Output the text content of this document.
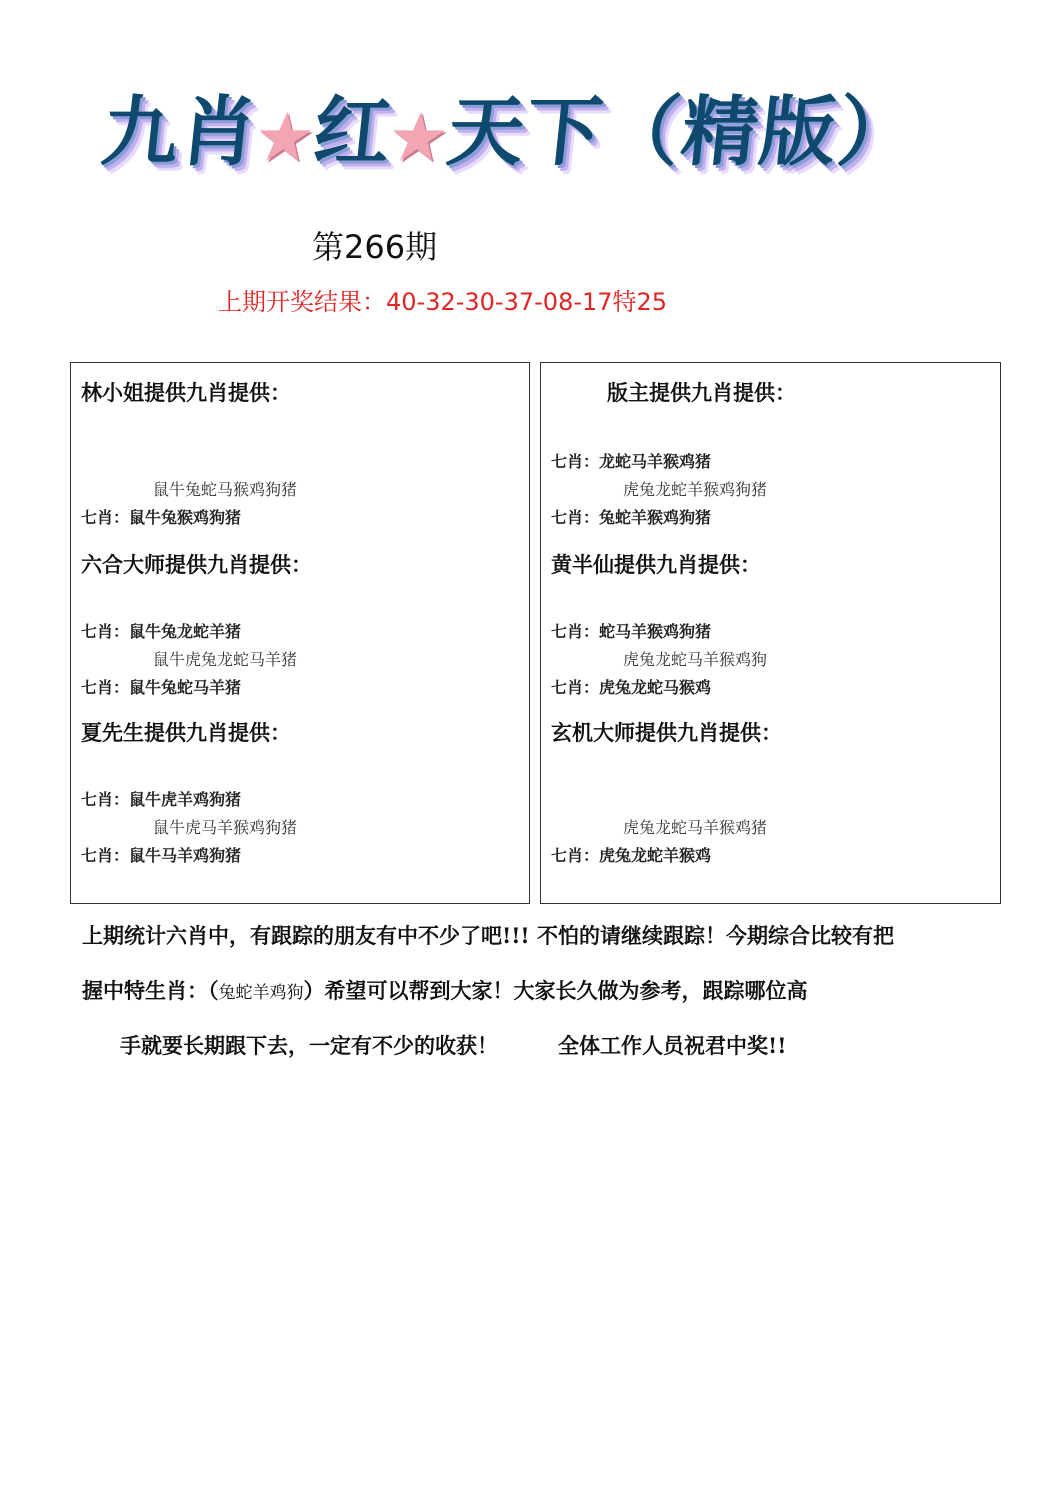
九肖★红★天下（精版）
第266期
上期开奖结果：40-32-30-37-08-17特25
林小姐提供九肖提供：
鼠牛兔蛇马猴鸡狗猪
七肖：鼠牛兔猴鸡狗猪
六合大师提供九肖提供：
七肖：鼠牛兔龙蛇羊猪
鼠牛虎兔龙蛇马羊猪
七肖：鼠牛兔蛇马羊猪
夏先生提供九肖提供：
七肖：鼠牛虎羊鸡狗猪
鼠牛虎马羊猴鸡狗猪
七肖：鼠牛马羊鸡狗猪
版主提供九肖提供：
七肖：龙蛇马羊猴鸡猪
虎兔龙蛇羊猴鸡狗猪
七肖：兔蛇羊猴鸡狗猪
黄半仙提供九肖提供：
七肖：蛇马羊猴鸡狗猪
虎兔龙蛇马羊猴鸡狗
七肖：虎兔龙蛇马猴鸡
玄机大师提供九肖提供：
虎兔龙蛇马羊猴鸡猪
七肖：虎兔龙蛇羊猴鸡
上期统计六肖中，有跟踪的朋友有中不少了吧!!! 不怕的请继续跟踪！今期综合比较有把
握中特生肖：（兔蛇羊鸡狗）希望可以帮到大家！大家长久做为参考，跟踪哪位高
手就要长期跟下去，一定有不少的收获！	全体工作人员祝君中奖!!
